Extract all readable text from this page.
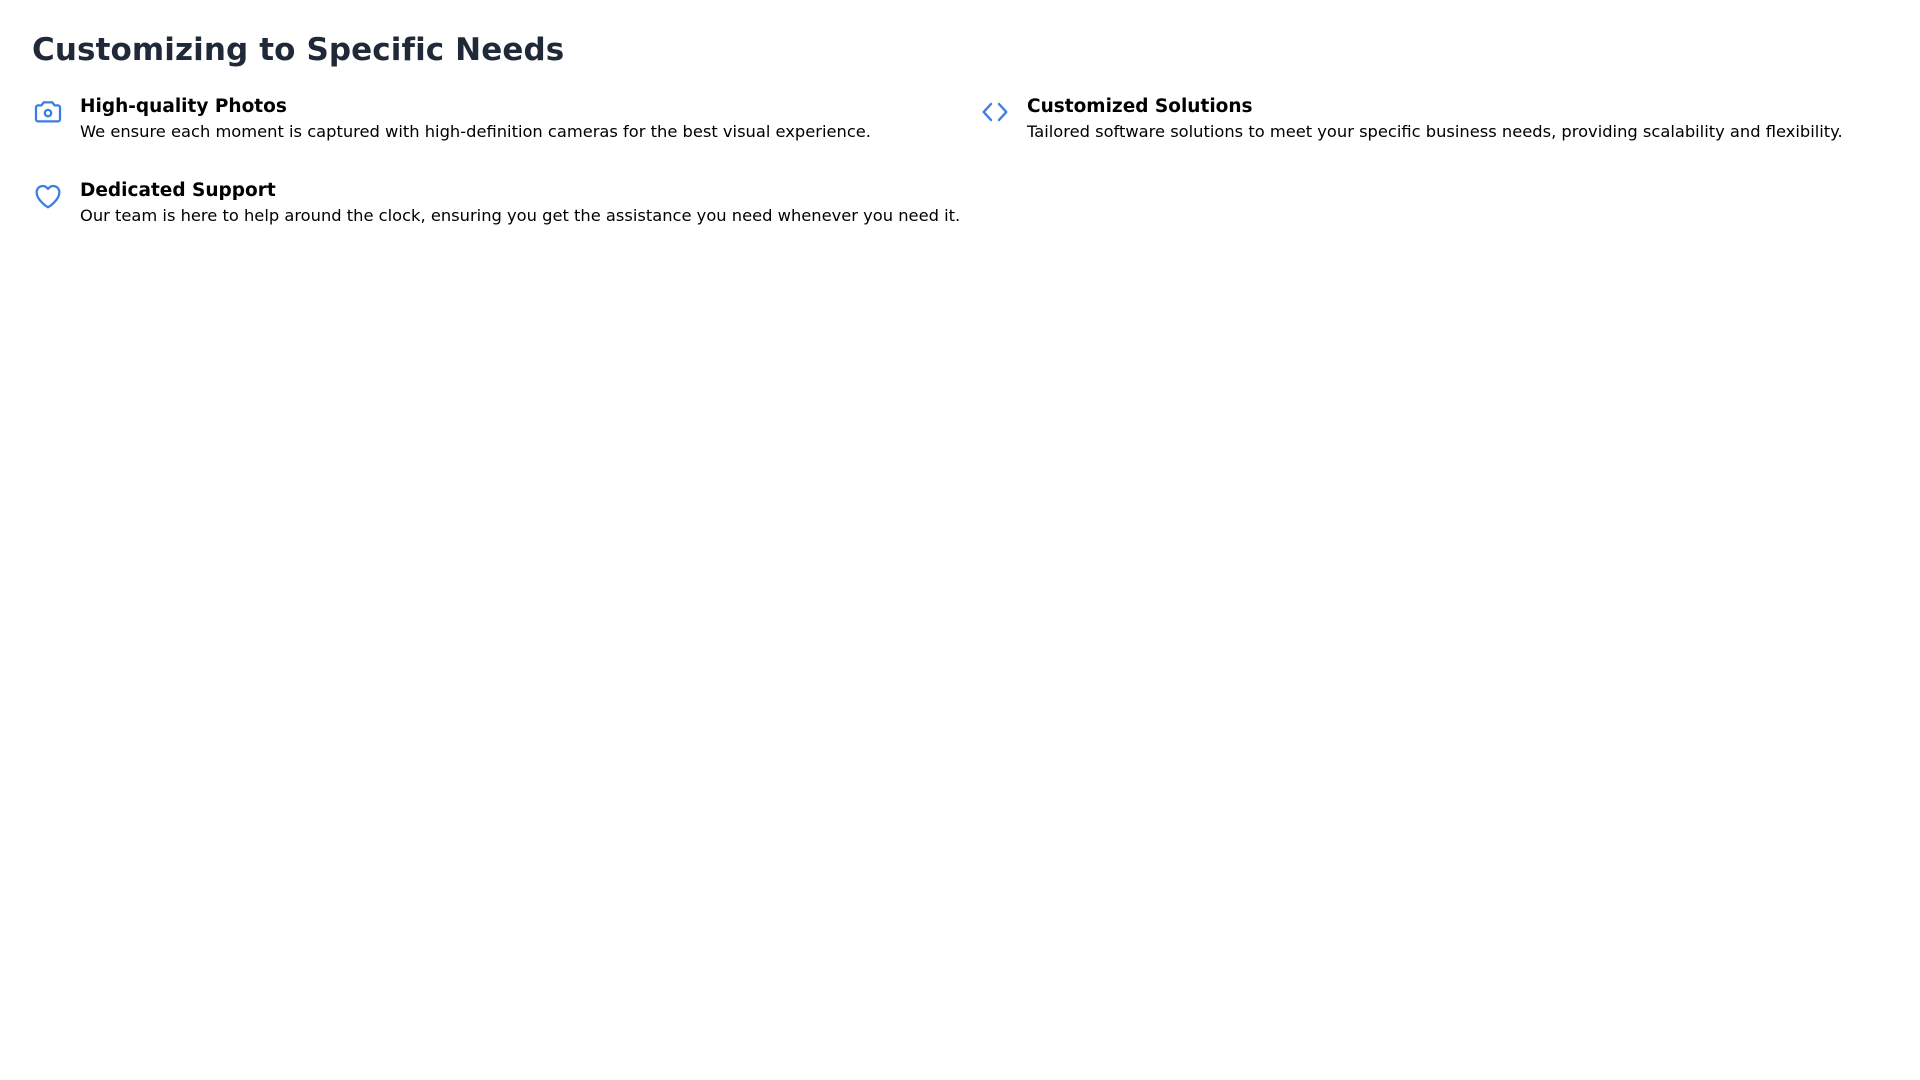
Customizing to Specific Needs
High-quality Photos
We ensure each moment is captured with high-definition cameras for the best visual experience.
Customized Solutions
Tailored software solutions to meet your specific business needs, providing scalability and flexibility.
Dedicated Support
Our team is here to help around the clock, ensuring you get the assistance you need whenever you need it.
